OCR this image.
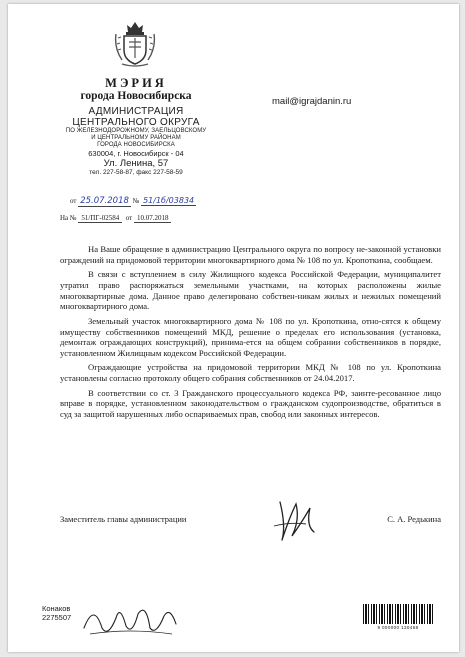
МЭРИЯ
города Новосибирска	mail@igrajdanin.ru
АДМИНИСТРАЦИЯ
ЦЕНТРАЛЬНОГО ОКРУГА
ПО ЖЕЛЕЗНОДОРОЖНОМУ, ЗАЕЛЬЦОВСКОМУ
И ЦЕНТРАЛЬНОМУ РАЙОНАМ
ГОРОДА НОВОСИБИРСКА
630004, г. Новосибирск - 04
Ул. Ленина, 57
тел. 227-58-87, факс 227-58-59
от 25.07.2018 № 51/1б/03834
На № 51/ПГ-02584 от 10.07.2018

На Ваше обращение в администрацию Центрального округа по вопросу не-законной установки ограждений на придомовой территории многоквартирного дома № 108 по ул. Кропоткина, сообщаем.

В связи с вступлением в силу Жилищного кодекса Российской Федерации, муниципалитет утратил право распоряжаться земельными участками, на которых расположены жилые многоквартирные дома. Данное право делегировано собствен-никам жилых и нежилых помещений многоквартирного дома.

Земельный участок многоквартирного дома № 108 по ул. Кропоткина, отно-сятся к общему имуществу собственников помещений МКД, решение о пределах его использования (установка, демонтаж ограждающих конструкций), принима-ется на общем собрании собственников в порядке, установленном Жилищным кодексом Российской Федерации.

Ограждающие устройства на придомовой территории МКД № 108 по ул. Кропоткина установлены согласно протоколу общего собрания собственников от 24.04.2017.

В соответствии со ст. 3 Гражданского процессуального кодекса РФ, заинте-ресованное лицо вправе в порядке, установленном законодательством о гражданском судопроизводстве, обратиться в суд за защитой нарушенных либо оспариваемых прав, свобод или законных интересов.

Заместитель главы администрации	С. А. Редькина
Конаков
2275507
9 000000 130468
